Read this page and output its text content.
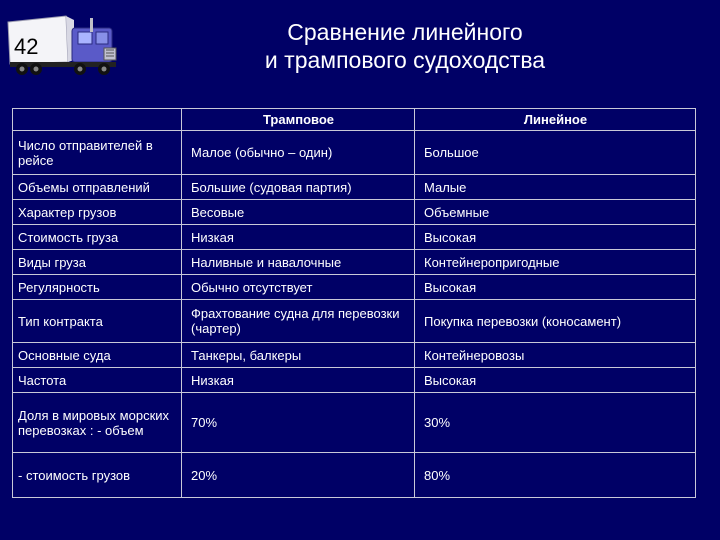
42
Сравнение линейного
и трампового судоходства
	Трамповое	Линейное
Число отправителей в рейсе	Малое (обычно – один)	Большое
Объемы отправлений	Большие (судовая партия)	Малые
Характер грузов	Весовые	Объемные
Стоимость груза	Низкая	Высокая
Виды груза	Наливные и навалочные	Контейнеропригодные
Регулярность	Обычно отсутствует	Высокая
Тип контракта	Фрахтование судна для перевозки (чартер)	Покупка перевозки (коносамент)
Основные суда	Танкеры, балкеры	Контейнеровозы
Частота	Низкая	Высокая
Доля в мировых морских перевозках : - объем	70%	30%
- стоимость грузов	20%	80%
